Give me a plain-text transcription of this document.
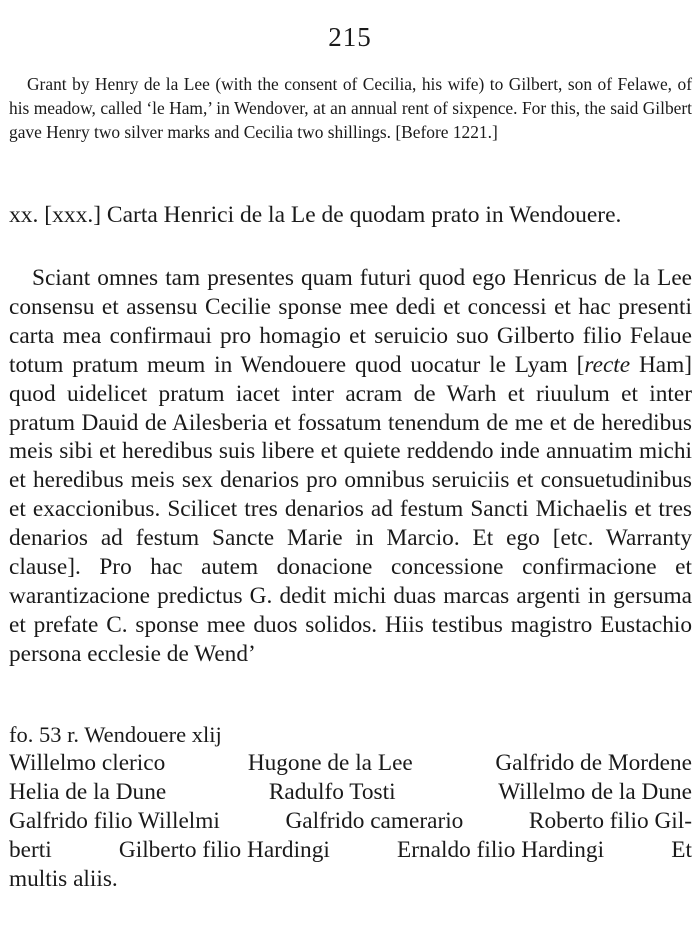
215

Grant by Henry de la Lee (with the consent of Cecilia, his wife) to Gilbert, son of Felawe, of his meadow, called ‘le Ham,’ in Wendover, at an annual rent of sixpence. For this, the said Gilbert gave Henry two silver marks and Cecilia two shillings. [Before 1221.]

xx. [xxx.] Carta Henrici de la Le de quodam prato in Wendouere.

Sciant omnes tam presentes quam futuri quod ego Henricus de la Lee consensu et assensu Cecilie sponse mee dedi et concessi et hac presenti carta mea confirmaui pro homagio et seruicio suo Gilberto filio Felaue totum pratum meum in Wendouere quod uocatur le Lyam [recte Ham] quod uidelicet pratum iacet inter acram de Warh et riuulum et inter pratum Dauid de Ailesberia et fossatum tenendum de me et de heredibus meis sibi et heredibus suis libere et quiete reddendo inde annuatim michi et heredibus meis sex denarios pro omnibus seruiciis et consuetudinibus et exaccionibus. Scilicet tres denarios ad festum Sancti Michaelis et tres denarios ad festum Sancte Marie in Marcio. Et ego [etc. Warranty clause]. Pro hac autem donacione concessione confirmacione et warantizacione predictus G. dedit michi duas marcas argenti in gersuma et prefate C. sponse mee duos solidos. Hiis testibus magistro Eustachio persona ecclesie de Wend’

fo. 53 r. Wendouere xlij

Willelmo clerico	Hugone de la Lee	Galfrido de Mordene
Helia de la Dune	Radulfo Tosti	Willelmo de la Dune
Galfrido filio Willelmi	Galfrido camerario	Roberto filio Gil-
berti	Gilberto filio Hardingi	Ernaldo filio Hardingi	Et
multis aliis.
